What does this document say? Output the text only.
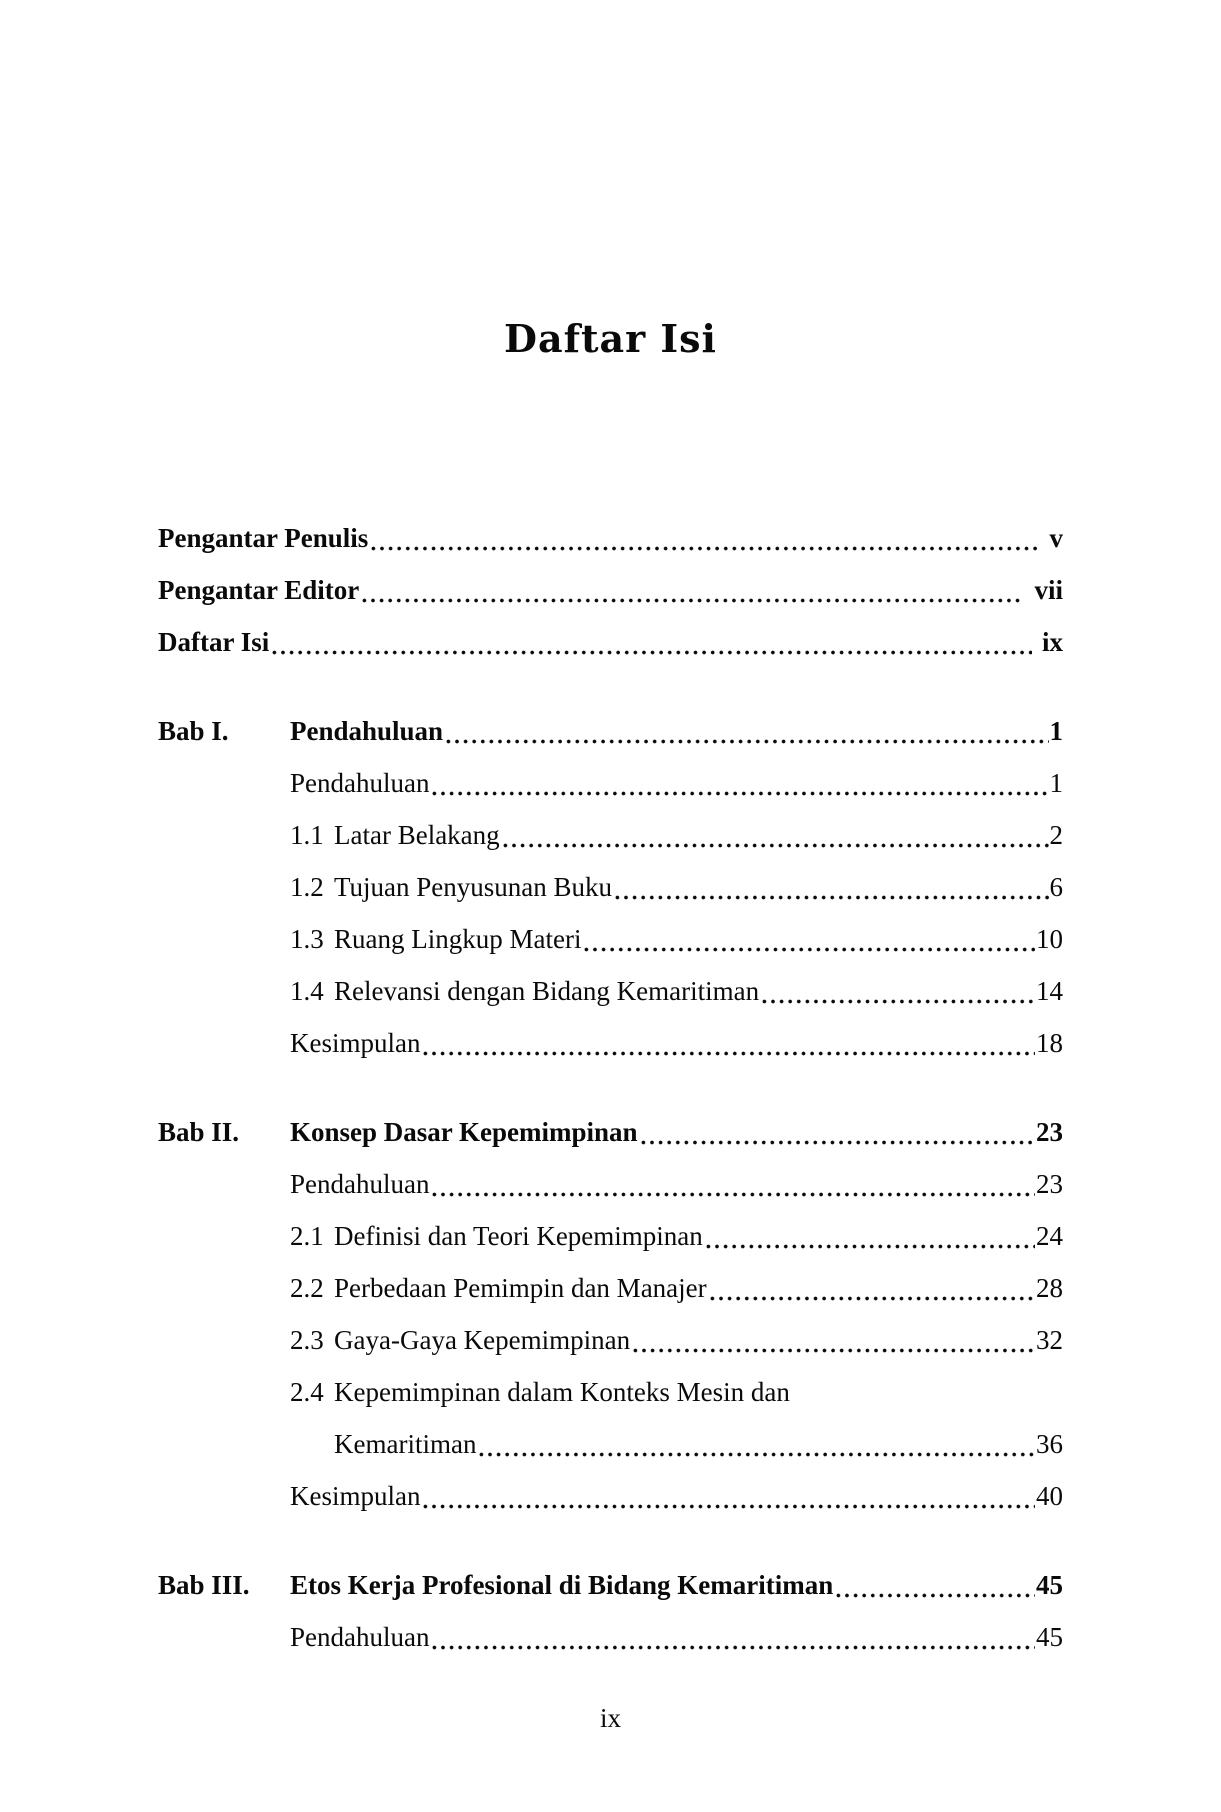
Daftar Isi
Pengantar Penulis	v
Pengantar Editor	vii
Daftar Isi	ix
Bab I.	Pendahuluan	1
Pendahuluan	1
1.1 Latar Belakang	2
1.2 Tujuan Penyusunan Buku	6
1.3 Ruang Lingkup Materi	10
1.4 Relevansi dengan Bidang Kemaritiman	14
Kesimpulan	18
Bab II.	Konsep Dasar Kepemimpinan	23
Pendahuluan	23
2.1 Definisi dan Teori Kepemimpinan	24
2.2 Perbedaan Pemimpin dan Manajer	28
2.3 Gaya-Gaya Kepemimpinan	32
2.4 Kepemimpinan dalam Konteks Mesin dan
Kemaritiman	36
Kesimpulan	40
Bab III.	Etos Kerja Profesional di Bidang Kemaritiman	45
Pendahuluan	45
ix
